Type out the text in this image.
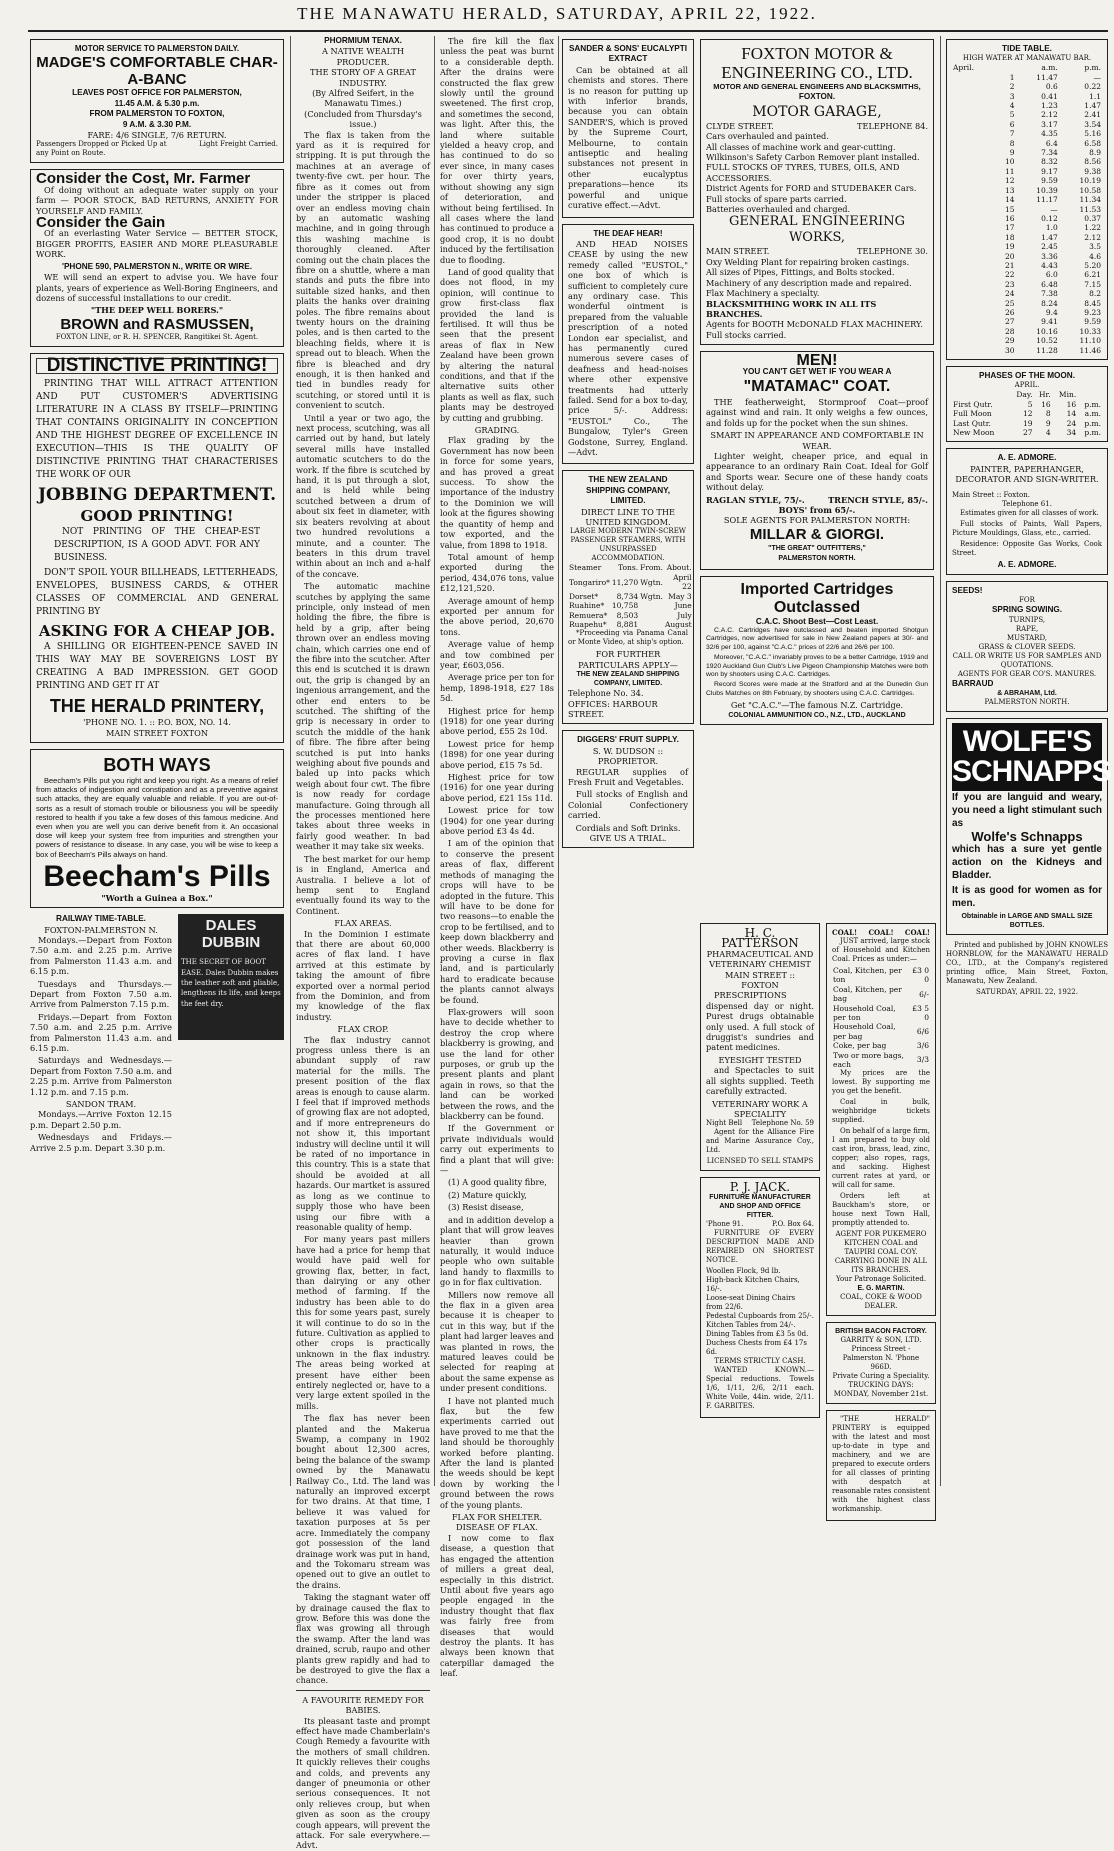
THE MANAWATU HERALD, SATURDAY, APRIL 22, 1922.
MOTOR SERVICE TO PALMERSTON DAILY.
MADGE'S COMFORTABLE CHAR-A-BANC
LEAVES POST OFFICE FOR PALMERSTON,
11.45 A.M. & 5.30 p.m.
FROM PALMERSTON TO FOXTON,
9 A.M. & 3.30 P.M.
FARE: 4/6 SINGLE, 7/6 RETURN.
Passengers Dropped or Picked Up at any Point on Route.
Light Freight Carried.
Consider the Cost, Mr. Farmer

Of doing without an adequate water supply on your farm — POOR STOCK, BAD RETURNS, ANXIETY FOR YOURSELF AND FAMILY.

Consider the Gain

Of an everlasting Water Service — BETTER STOCK, BIGGER PROFITS, EASIER AND MORE PLEASURABLE WORK.

'PHONE 590, PALMERSTON N., WRITE OR WIRE.

WE will send an expert to advise you. We have four plants, years of experience as Well-Boring Engineers, and dozens of successful installations to our credit.

"THE DEEP WELL BORERS."
BROWN and RASMUSSEN,
FOXTON LINE, or R. H. SPENCER, Rangitikei St. Agent.
DISTINCTIVE PRINTING!

PRINTING THAT WILL ATTRACT ATTENTION AND PUT CUSTOMER'S ADVERTISING LITERATURE IN A CLASS BY ITSELF—PRINTING THAT CONTAINS ORIGINALITY IN CONCEPTION AND THE HIGHEST DEGREE OF EXCELLENCE IN EXECUTION—THIS IS THE QUALITY OF DISTINCTIVE PRINTING THAT CHARACTERISES THE WORK OF OUR

JOBBING DEPARTMENT.
GOOD PRINTING!

NOT PRINTING OF THE CHEAP-EST DESCRIPTION, IS A GOOD ADVT. FOR ANY BUSINESS.

DON'T SPOIL YOUR BILLHEADS, LETTERHEADS, ENVELOPES, BUSINESS CARDS, & OTHER CLASSES OF COMMERCIAL AND GENERAL PRINTING BY

ASKING FOR A CHEAP JOB.

A SHILLING OR EIGHTEEN-PENCE SAVED IN THIS WAY MAY BE SOVEREIGNS LOST BY CREATING A BAD IMPRESSION. GET GOOD PRINTING AND GET IT AT

THE HERALD PRINTERY,
'PHONE NO. 1. :: P.O. BOX, NO. 14.
MAIN STREET FOXTON
BOTH WAYS

Beecham's Pills put you right and keep you right. As a means of relief from attacks of indigestion and constipation and as a preventive against such attacks, they are equally valuable and reliable. If you are out-of-sorts as a result of stomach trouble or biliousness you will be speedily restored to health if you take a few doses of this famous medicine. And even when you are well you can derive benefit from it. An occasional dose will keep your system free from impurities and strengthen your powers of resistance to disease. In any case, you will be wise to keep a box of Beecham's Pills always on hand.

Beecham's Pills
"Worth a Guinea a Box."
RAILWAY TIME-TABLE.
FOXTON-PALMERSTON N.

Mondays.—Depart from Foxton 7.50 a.m. and 2.25 p.m. Arrive from Palmerston 11.43 a.m. and 6.15 p.m.

Tuesdays and Thursdays.—Depart from Foxton 7.50 a.m. Arrive from Palmerston 7.15 p.m.

Fridays.—Depart from Foxton 7.50 a.m. and 2.25 p.m. Arrive from Palmerston 11.43 a.m. and 6.15 p.m.

Saturdays and Wednesdays.—Depart from Foxton 7.50 a.m. and 2.25 p.m. Arrive from Palmerston 1.12 p.m. and 7.15 p.m.

SANDON TRAM.

Mondays.—Arrive Foxton 12.15 p.m. Depart 2.50 p.m.

Wednesdays and Fridays.—Arrive 2.5 p.m. Depart 3.30 p.m.

DALES DUBBIN
THE SECRET OF BOOT EASE. Dales Dubbin makes the leather soft and pliable, lengthens its life, and keeps the feet dry.
PHORMIUM TENAX.
A NATIVE WEALTH PRODUCER.
THE STORY OF A GREAT INDUSTRY.
(By Alfred Seifert, in the Manawatu Times.)
(Concluded from Thursday's issue.)

The flax is taken from the yard as it is required for stripping. It is put through the machines at an average of twenty-five cwt. per hour. The fibre as it comes out from under the stripper is placed over an endless moving chain by an automatic washing machine, and in going through this washing machine is thoroughly cleaned. After coming out the chain places the fibre on a shuttle, where a man stands and puts the fibre into suitable sized hanks, and then plaits the hanks over draining poles. The fibre remains about twenty hours on the draining poles, and is then carted to the bleaching fields, where it is spread out to bleach. When the fibre is bleached and dry enough, it is then hanked and tied in bundles ready for scutching, or stored until it is convenient to scutch.

Until a year or two ago, the next process, scutching, was all carried out by hand, but lately several mills have installed automatic scutchers to do the work. If the fibre is scutched by hand, it is put through a slot, and is held while being scutched between a drum of about six feet in diameter, with six beaters revolving at about two hundred revolutions a minute, and a counter. The beaters in this drum travel within about an inch and a-half of the concave.

The automatic machine scutches by applying the same principle, only instead of men holding the fibre, the fibre is held by a grip, after being thrown over an endless moving chain, which carries one end of the fibre into the scutcher. After this end is scutched it is drawn out, the grip is changed by an ingenious arrangement, and the other end enters to be scutched. The shifting of the grip is necessary in order to scutch the middle of the hank of fibre. The fibre after being scutched is put into hanks weighing about five pounds and baled up into packs which weigh about four cwt. The fibre is now ready for cordage manufacture. Going through all the processes mentioned here takes about three weeks in fairly good weather. In bad weather it may take six weeks.

The best market for our hemp is in England, America and Australia. I believe a lot of hemp sent to England eventually found its way to the Continent.

FLAX AREAS.

In the Dominion I estimate that there are about 60,000 acres of flax land. I have arrived at this estimate by taking the amount of fibre exported over a normal period from the Dominion, and from my knowledge of the flax industry.

FLAX CROP.

The flax industry cannot progress unless there is an abundant supply of raw material for the mills. The present position of the flax areas is enough to cause alarm. I feel that if improved methods of growing flax are not adopted, and if more entrepreneurs do not show it, this important industry will decline until it will be rated of no importance in this country. This is a state that should be avoided at all hazards. Our martket is assured as long as we continue to supply those who have been using our fibre with a reasonable quality of hemp.

For many years past millers have had a price for hemp that would have paid well for growing flax, better, in fact, than dairying or any other method of farming. If the industry has been able to do this for some years past, surely it will continue to do so in the future. Cultivation as applied to other crops is practically unknown in the flax industry. The areas being worked at present have either been entirely neglected or, have to a very large extent spoiled in the mills.

The flax has never been planted and the Makerua Swamp, a company in 1902 bought about 12,300 acres, being the balance of the swamp owned by the Manawatu Railway Co., Ltd. The land was naturally an improved excerpt for two drains. At that time, I believe it was valued for taxation purposes at 5s per acre. Immediately the company got possession of the land drainage work was put in hand, and the Tokomaru stream was opened out to give an outlet to the drains.

Taking the stagnant water off by drainage caused the flax to grow. Before this was done the flax was growing all through the swamp. After the land was drained, scrub, raupo and other plants grew rapidly and had to be destroyed to give the flax a chance.

A FAVOURITE REMEDY FOR BABIES.

Its pleasant taste and prompt effect have made Chamberlain's Cough Remedy a favourite with the mothers of small children. It quickly relieves their coughs and colds, and prevents any danger of pneumonia or other serious consequences. It not only relieves croup, but when given as soon as the croupy cough appears, will prevent the attack. For sale everywhere.—Advt.

The fire kill the flax unless the peat was burnt to a considerable depth. After the drains were constructed the flax grew slowly until the ground sweetened. The first crop, and sometimes the second, was light. After this, the land where suitable yielded a heavy crop, and has continued to do so ever since, in many cases for over thirty years, without showing any sign of deterioration, and without being fertilised. In all cases where the land has continued to produce a good crop, it is no doubt induced by the fertilisation due to flooding.

Land of good quality that does not flood, in my opinion, will continue to grow first-class flax provided the land is fertilised. It will thus be seen that the present areas of flax in New Zealand have been grown by altering the natural conditions, and that if the alternative suits other plants as well as flax, such plants may be destroyed by cutting and grubbing.

GRADING.

Flax grading by the Government has now been in force for some years, and has proved a great success. To show the importance of the industry to the Dominion we will look at the figures showing the quantity of hemp and tow exported, and the value, from 1898 to 1918.

Total amount of hemp exported during the period, 434,076 tons, value £12,121,520.

Average amount of hemp exported per annum for the above period, 20,670 tons.

Average value of hemp and tow combined per year, £603,056.

Average price per ton for hemp, 1898-1918, £27 18s 5d.

Highest price for hemp (1918) for one year during above period, £55 2s 10d.

Lowest price for hemp (1898) for one year during above period, £15 7s 5d.

Highest price for tow (1916) for one year during above period, £21 15s 11d.

Lowest price for tow (1904) for one year during above period £3 4s 4d.

I am of the opinion that to conserve the present areas of flax, different methods of managing the crops will have to be adopted in the future. This will have to be done for two reasons—to enable the crop to be fertilised, and to keep down blackberry and other weeds. Blackberry is proving a curse in flax land, and is particularly hard to eradicate because the plants cannot always be found.

Flax-growers will soon have to decide whether to destroy the crop where blackberry is growing, and use the land for other purposes, or grub up the present plants and plant again in rows, so that the land can be worked between the rows, and the blackberry can be found.

If the Government or private individuals would carry out experiments to find a plant that will give:—

(1) A good quality fibre,

(2) Mature quickly,

(3) Resist disease,

and in addition develop a plant that will grow leaves heavier than grown naturally, it would induce people who own suitable land handy to flaxmills to go in for flax cultivation.

Millers now remove all the flax in a given area because it is cheaper to cut in this way, but if the plant had larger leaves and was planted in rows, the matured leaves could be selected for reaping at about the same expense as under present conditions.

I have not planted much flax, but the few experiments carried out have proved to me that the land should be thoroughly worked before planting. After the land is planted the weeds should be kept down by working the ground between the rows of the young plants.

FLAX FOR SHELTER.
DISEASE OF FLAX.

I now come to flax disease, a question that has engaged the attention of millers a great deal, especially in this district. Until about five years ago people engaged in the industry thought that flax was fairly free from diseases that would destroy the plants. It has always been known that caterpillar damaged the leaf.

FOXTON MOTOR & ENGINEERING CO., LTD.
MOTOR AND GENERAL ENGINEERS AND BLACKSMITHS,
FOXTON.
MOTOR GARAGE,
CLYDE STREET.	TELEPHONE 84.
Cars overhauled and painted.
All classes of machine work and gear-cutting.
Wilkinson's Safety Carbon Remover plant installed.
FULL STOCKS OF TYRES, TUBES, OILS, AND ACCESSORIES.
District Agents for FORD and STUDEBAKER Cars. Full stocks of spare parts carried.
Batteries overhauled and charged.
GENERAL ENGINEERING WORKS,
MAIN STREET.	TELEPHONE 30.
Oxy Welding Plant for repairing broken castings.
All sizes of Pipes, Fittings, and Bolts stocked.
Machinery of any description made and repaired. Flax Machinery a specialty.
BLACKSMITHING WORK IN ALL ITS BRANCHES.
Agents for BOOTH McDONALD FLAX MACHINERY. Full stocks carried.
MEN!
YOU CAN'T GET WET IF YOU WEAR A
"MATAMAC" COAT.

THE featherweight, Stormproof Coat—proof against wind and rain. It only weighs a few ounces, and folds up for the pocket when the sun shines.

SMART IN APPEARANCE AND COMFORTABLE IN WEAR.

Lighter weight, cheaper price, and equal in appearance to an ordinary Rain Coat. Ideal for Golf and Sports wear. Secure one of these handy coats without delay.

RAGLAN STYLE, 75/-.	TRENCH STYLE, 85/-.
BOYS' from 65/-.
SOLE AGENTS FOR PALMERSTON NORTH:
MILLAR & GIORGI.
"THE GREAT" OUTFITTERS,"
PALMERSTON NORTH.
Imported Cartridges Outclassed
C.A.C. Shoot Best—Cost Least.

C.A.C. Cartridges have outclassed and beaten imported Shotgun Cartridges, now advertised for sale in New Zealand papers at 30/- and 32/6 per 100, against "C.A.C." prices of 22/6 and 26/6 per 100.

Moreover, "C.A.C." invariably proves to be a better Cartridge, 1919 and 1920 Auckland Gun Club's Live Pigeon Championship Matches were both won by shooters using C.A.C. Cartridges.

Record Scores were made at the Stratford and at the Dunedin Gun Clubs Matches on 8th February, by shooters using C.A.C. Cartridges.

Get "C.A.C."—The famous N.Z. Cartridge.
COLONIAL AMMUNITION CO., N.Z., LTD., AUCKLAND
SANDER & SONS' EUCALYPTI EXTRACT

Can be obtained at all chemists and stores. There is no reason for putting up with inferior brands, because you can obtain SANDER'S, which is proved by the Supreme Court, Melbourne, to contain antiseptic and healing substances not present in other eucalyptus preparations—hence its powerful and unique curative effect.—Advt.

THE DEAF HEAR!

AND HEAD NOISES CEASE by using the new remedy called "EUSTOL," one box of which is sufficient to completely cure any ordinary case. This wonderful ointment is prepared from the valuable prescription of a noted London ear specialist, and has permanently cured numerous severe cases of deafness and head-noises where other expensive treatments had utterly failed. Send for a box to-day, price 5/-. Address: "EUSTOL" Co., The Bungalow, Tyler's Green Godstone, Surrey, England.—Advt.

THE NEW ZEALAND SHIPPING COMPANY, LIMITED.
DIRECT LINE TO THE UNITED KINGDOM.
LARGE MODERN TWIN-SCREW PASSENGER STEAMERS, WITH UNSURPASSED ACCOMMODATION.
Steamer	Tons.	From.	About.
Tongariro*	11,270	Wgtn.	April 22
Dorset*	8,734	Wgtn.	May 3
Ruahine*	10,758		June
Remuera*	8,503		July
Ruapehu*	8,881		August

*Proceeding via Panama Canal or Monte Video, at ship's option.

FOR FURTHER PARTICULARS APPLY—
THE NEW ZEALAND SHIPPING COMPANY, LIMITED.
Telephone No. 34.
OFFICES: HARBOUR STREET.
DIGGERS' FRUIT SUPPLY.
S. W. DUDSON :: PROPRIETOR.

REGULAR supplies of Fresh Fruit and Vegetables.

Full stocks of English and Colonial Confectionery carried.

Cordials and Soft Drinks.
GIVE US A TRIAL.
H. C. PATTERSON
PHARMACEUTICAL AND VETERINARY CHEMIST
MAIN STREET :: FOXTON

PRESCRIPTIONS dispensed day or night. Purest drugs obtainable only used. A full stock of druggist's sundries and patent medicines.

EYESIGHT TESTED

and Spectacles to suit all sights supplied. Teeth carefully extracted.

VETERINARY WORK A SPECIALITY
Night Bell Telephone No. 59

Agent for the Alliance Fire and Marine Assurance Coy., Ltd.

LICENSED TO SELL STAMPS
P. J. JACK.
FURNITURE MANUFACTURER AND SHOP AND OFFICE FITTER.
'Phone 91.	P.O. Box 64.

FURNITURE OF EVERY DESCRIPTION MADE AND REPAIRED ON SHORTEST NOTICE.

Woollen Flock, 9d lb.
High-back Kitchen Chairs, 16/-.
Loose-seat Dining Chairs from 22/6.
Pedestal Cupboards from 25/-.
Kitchen Tables from 24/-.
Dining Tables from £3 5s 0d.
Duchess Chests from £4 17s 6d.
TERMS STRICTLY CASH.

WANTED KNOWN.—Special reductions. Towels 1/6, 1/11, 2/6, 2/11 each. White Voile, 44in. wide, 2/11. F. GARBITES.

COAL! COAL! COAL!

JUST arrived, large stock of Household and Kitchen Coal. Prices as under:—

Coal, Kitchen, per ton	£3 0 0
Coal, Kitchen, per bag	6/-
Household Coal, per ton	£3 5 0
Household Coal, per bag	6/6
Coke, per bag	3/6
Two or more bags, each	3/3

My prices are the lowest. By supporting me you get the benefit.

Coal in bulk, weighbridge tickets supplied.

On behalf of a large firm, I am prepared to buy old cast iron, brass, lead, zinc, copper; also ropes, rags, and sacking. Highest current rates at yard, or will call for same.

Orders left at Bauckham's store, or house next Town Hall, promptly attended to.

AGENT FOR PUKEMERO KITCHEN COAL and TAUPIRI COAL COY.
CARRYING DONE IN ALL ITS BRANCHES.
Your Patronage Solicited.
E. G. MARTIN.
COAL, COKE & WOOD DEALER.
BRITISH BACON FACTORY.
GARRITY & SON, LTD.
Princess Street - Palmerston N. 'Phone 966D.
Private Curing a Speciality.
TRUCKING DAYS:
MONDAY, November 21st.

"THE HERALD" PRINTERY is equipped with the latest and most up-to-date in type and machinery, and we are prepared to execute orders for all classes of printing with despatch at reasonable rates consistent with the highest class workmanship.

TIDE TABLE.
HIGH WATER AT MANAWATU BAR.
April.		a.m.	p.m.
	1	11.47	—
	2	0.6	0.22
	3	0.41	1.1
	4	1.23	1.47
	5	2.12	2.41
	6	3.17	3.54
	7	4.35	5.16
	8	6.4	6.58
	9	7.34	8.9
	10	8.32	8.56
	11	9.17	9.38
	12	9.59	10.19
	13	10.39	10.58
	14	11.17	11.34
	15	—	11.53
	16	0.12	0.37
	17	1.0	1.22
	18	1.47	2.12
	19	2.45	3.5
	20	3.36	4.6
	21	4.43	5.20
	22	6.0	6.21
	23	6.48	7.15
	24	7.38	8.2
	25	8.24	8.45
	26	9.4	9.23
	27	9.41	9.59
	28	10.16	10.33
	29	10.52	11.10
	30	11.28	11.46
PHASES OF THE MOON.
APRIL.
	Day.	Hr.	Min.	
First Qutr.	5	16	16	p.m.
Full Moon	12	8	14	a.m.
Last Qutr.	19	9	24	p.m.
New Moon	27	4	34	p.m.
A. E. ADMORE.
PAINTER, PAPERHANGER, DECORATOR AND SIGN-WRITER.
Main Street :: Foxton.
Telephone 61.

Estimates given for all classes of work.

Full stocks of Paints, Wall Papers, Picture Mouldings, Glass, etc., carried.

Residence: Opposite Gas Works, Cook Street.

A. E. ADMORE.
SEEDS!
FOR
SPRING SOWING.
TURNIPS,
RAPE,
MUSTARD,
GRASS & CLOVER SEEDS.
CALL OR WRITE US FOR SAMPLES AND QUOTATIONS.
AGENTS FOR GEAR CO'S. MANURES.
BARRAUD
& ABRAHAM, Ltd.
PALMERSTON NORTH.
WOLFE'S SCHNAPPS

If you are languid and weary, you need a light stimulant such as

Wolfe's Schnapps

which has a sure yet gentle action on the Kidneys and Bladder.

It is as good for women as for men.

Obtainable in LARGE AND SMALL SIZE BOTTLES.

Printed and published by JOHN KNOWLES HORNBLOW, for the MANAWATU HERALD CO., LTD., at the Company's registered printing office, Main Street, Foxton, Manawatu, New Zealand.

SATURDAY, APRIL 22, 1922.
